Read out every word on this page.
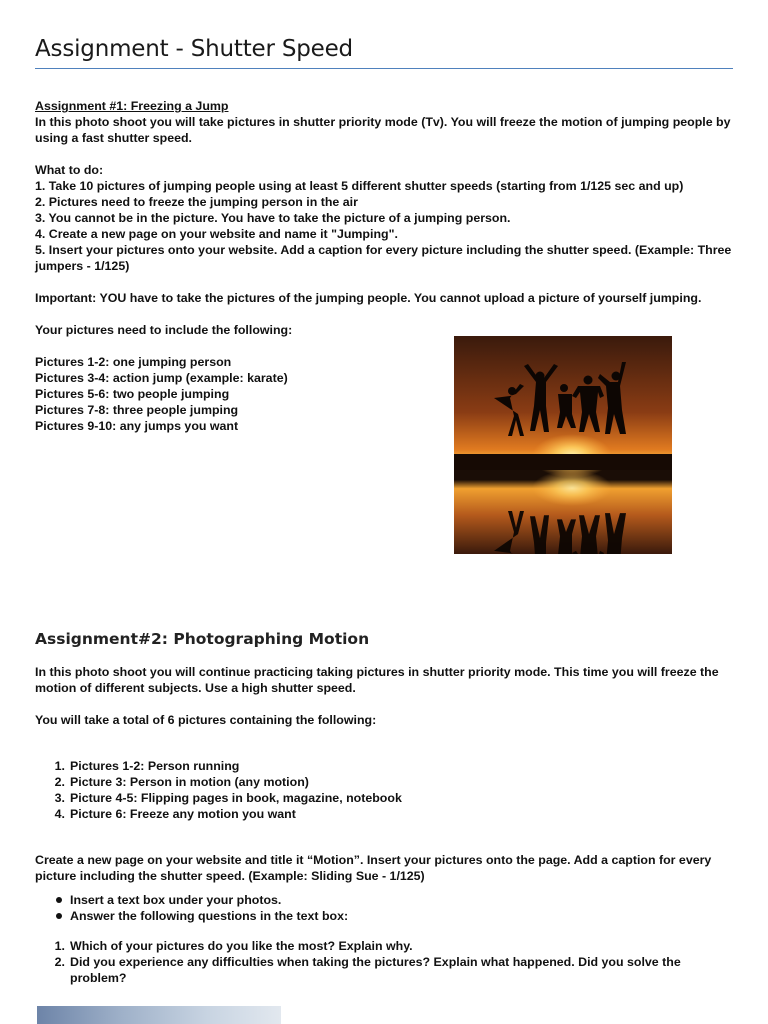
Assignment - Shutter Speed

Assignment #1: Freezing a Jump

In this photo shoot you will take pictures in shutter priority mode (Tv). You will freeze the motion of jumping people by using a fast shutter speed.

What to do:

1. Take 10 pictures of jumping people using at least 5 different shutter speeds (starting from 1/125 sec and up)

2. Pictures need to freeze the jumping person in the air

3. You cannot be in the picture. You have to take the picture of a jumping person.

4. Create a new page on your website and name it "Jumping".

5. Insert your pictures onto your website. Add a caption for every picture including the shutter speed. (Example: Three jumpers - 1/125)

Important: YOU have to take the pictures of the jumping people. You cannot upload a picture of yourself jumping.

Your pictures need to include the following:

Pictures 1-2: one jumping person

Pictures 3-4: action jump (example: karate)

Pictures 5-6: two people jumping

Pictures 7-8: three people jumping

Pictures 9-10: any jumps you want

Assignment#2: Photographing Motion

In this photo shoot you will continue practicing taking pictures in shutter priority mode. This time you will freeze the motion of different subjects. Use a high shutter speed.

You will take a total of 6 pictures containing the following:

1. Pictures 1-2: Person running
2. Picture 3: Person in motion (any motion)
3. Picture 4-5: Flipping pages in book, magazine, notebook
4. Picture 6: Freeze any motion you want

Create a new page on your website and title it “Motion”. Insert your pictures onto the page. Add a caption for every picture including the shutter speed. (Example: Sliding Sue - 1/125)

Insert a text box under your photos.
Answer the following questions in the text box:
1. Which of your pictures do you like the most? Explain why.
2. Did you experience any difficulties when taking the pictures? Explain what happened. Did you solve the problem?
